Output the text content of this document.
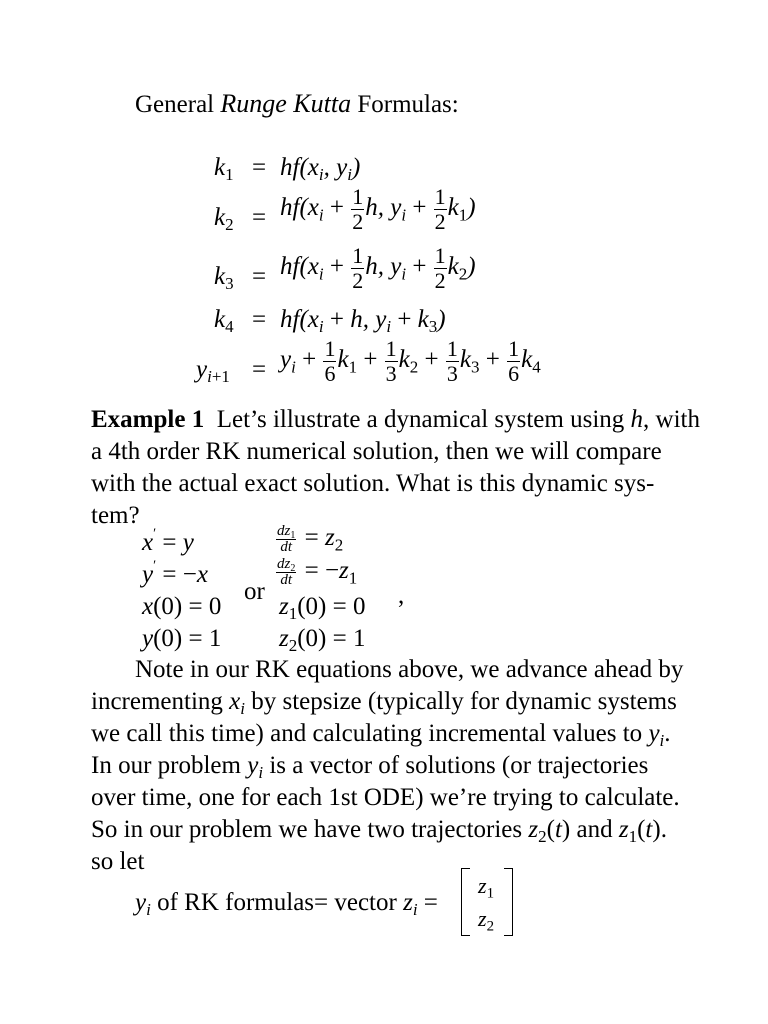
General Runge Kutta Formulas:
$k_1 = hf(x_i$, $y_i$)
$k_2 = hf(x_i + \frac{1}{2} h$, $y_i + \frac{1}{2} k_1$)
$k_3 = hf(x_i + \frac{1}{2} h$, $y_i + \frac{1}{2} k_2$)
$k_4 = hf(x_i + h$, $y_i + k_3$)
$y_{i+1} = y_i + \frac{1}{6} k_1 + \frac{1}{3} k_2 + \frac{1}{3} k_3 + \frac{1}{6} k_4$
Example 1 Let’s illustrate a dynamical system using h, with
a 4th order RK numerical solution, then we will compare
with the actual exact solution. What is this dynamic sys-
tem?
x′ = y
y′ = −x
x(0) = 0
y(0) = 1
or
$\frac{dz_1}{dt} = z_2$
$\frac{dz_2}{dt} = -z_1$
$z_1(0) = 0$
$z_2(0) = 1$
,
Note in our RK equations above, we advance ahead by
incrementing $x_i$ by stepsize (typically for dynamic systems
we call this time) and calculating incremental values to $y_i$.
In our problem $y_i$ is a vector of solutions (or trajectories
over time, one for each 1st ODE) we’re trying to calculate.
So in our problem we have two trajectories $z_2(t)$ and $z_1(t)$.
so let
$y_i$ of RK formulas= vector $z_i$ =
$z_1$
$z_2$
